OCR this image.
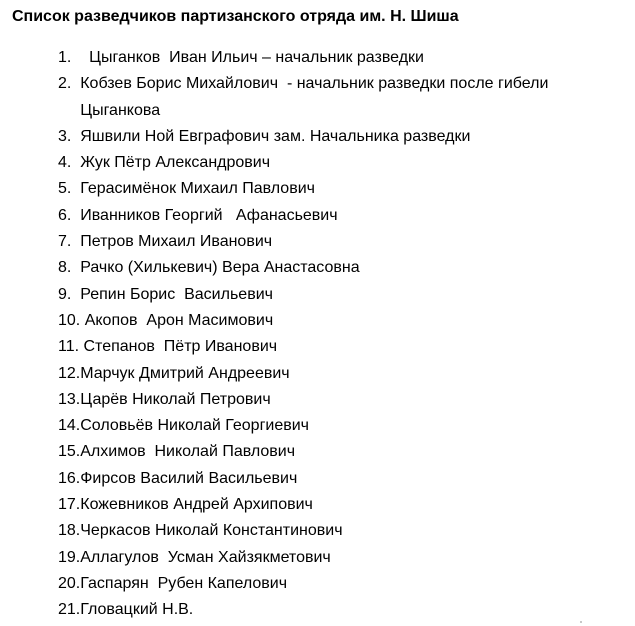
Список разведчиков партизанского отряда им. Н. Шиша
1. Цыганков  Иван Ильич – начальник разведки
2. Кобзев Борис Михайлович  - начальник разведки после гибели
Цыганкова
3. Яшвили Ной Евграфович зам. Начальника разведки
4. Жук Пётр Александрович
5. Герасимёнок Михаил Павлович
6. Иванников Георгий   Афанасьевич
7. Петров Михаил Иванович
8. Рачко (Хилькевич) Вера Анастасовна
9. Репин Борис  Васильевич
10. Акопов  Арон Масимович
11. Степанов  Пётр Иванович
12. Марчук Дмитрий Андреевич
13. Царёв Николай Петрович
14. Соловьёв Николай Георгиевич
15. Алхимов  Николай Павлович
16. Фирсов Василий Васильевич
17. Кожевников Андрей Архипович
18. Черкасов Николай Константинович
19. Аллагулов  Усман Хайзякметович
20. Гаспарян  Рубен Капелович
21. Гловацкий Н.В.
